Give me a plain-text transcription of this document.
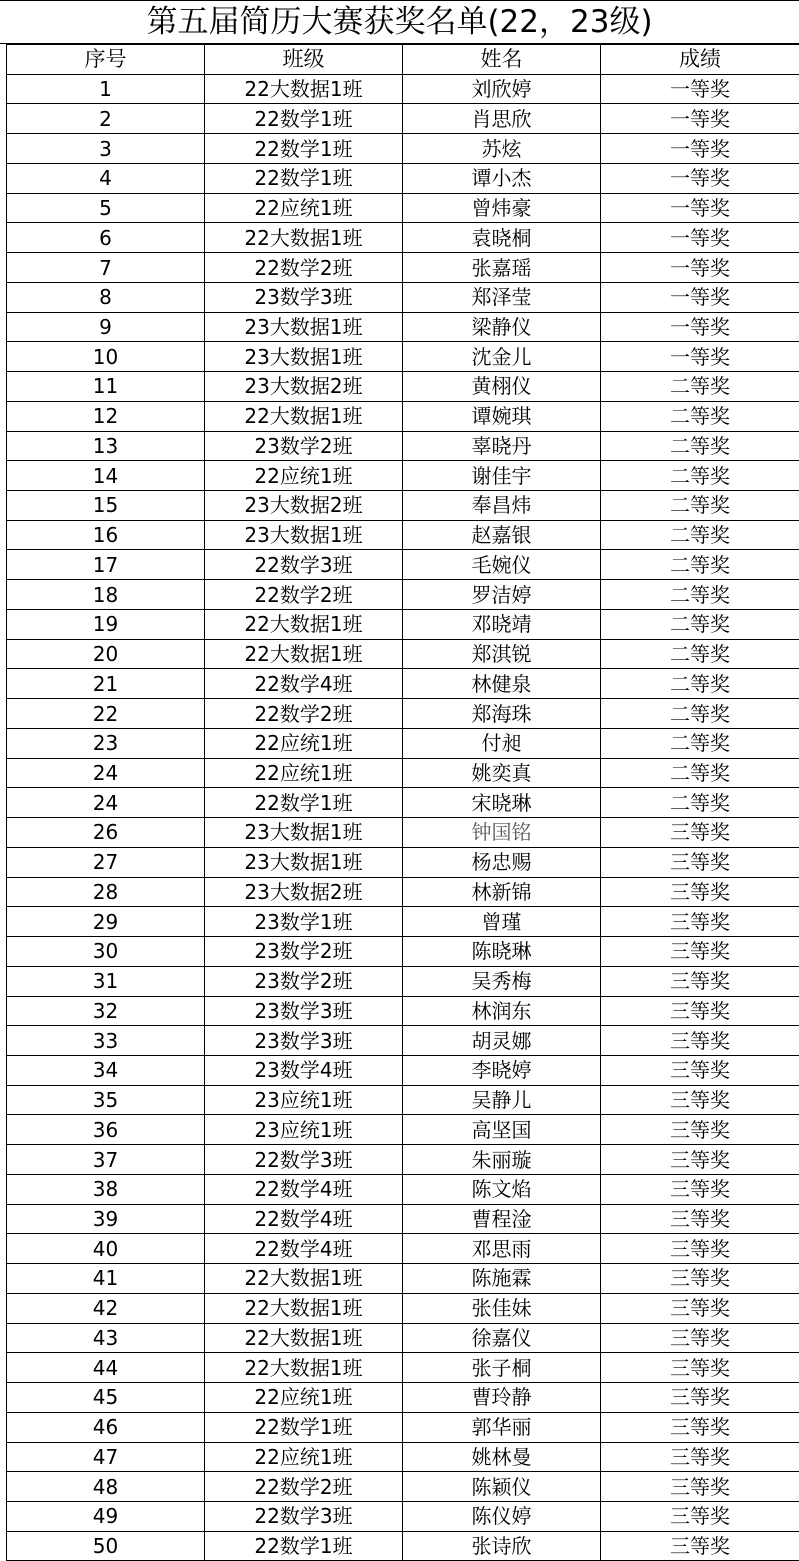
第五届简历大赛获奖名单(22，23级)
序号	班级	姓名	成绩
1	22大数据1班	刘欣婷	一等奖
2	22数学1班	肖思欣	一等奖
3	22数学1班	苏炫	一等奖
4	22数学1班	谭小杰	一等奖
5	22应统1班	曾炜豪	一等奖
6	22大数据1班	袁晓桐	一等奖
7	22数学2班	张嘉瑶	一等奖
8	23数学3班	郑泽莹	一等奖
9	23大数据1班	梁静仪	一等奖
10	23大数据1班	沈金儿	一等奖
11	23大数据2班	黄栩仪	二等奖
12	22大数据1班	谭婉琪	二等奖
13	23数学2班	辜晓丹	二等奖
14	22应统1班	谢佳宇	二等奖
15	23大数据2班	奉昌炜	二等奖
16	23大数据1班	赵嘉银	二等奖
17	22数学3班	毛婉仪	二等奖
18	22数学2班	罗洁婷	二等奖
19	22大数据1班	邓晓靖	二等奖
20	22大数据1班	郑淇锐	二等奖
21	22数学4班	林健泉	二等奖
22	22数学2班	郑海珠	二等奖
23	22应统1班	付昶	二等奖
24	22应统1班	姚奕真	二等奖
24	22数学1班	宋晓琳	二等奖
26	23大数据1班	钟国铭	三等奖
27	23大数据1班	杨忠赐	三等奖
28	23大数据2班	林新锦	三等奖
29	23数学1班	曾瑾	三等奖
30	23数学2班	陈晓琳	三等奖
31	23数学2班	吴秀梅	三等奖
32	23数学3班	林润东	三等奖
33	23数学3班	胡灵娜	三等奖
34	23数学4班	李晓婷	三等奖
35	23应统1班	吴静儿	三等奖
36	23应统1班	高坚国	三等奖
37	22数学3班	朱丽璇	三等奖
38	22数学4班	陈文焰	三等奖
39	22数学4班	曹程淦	三等奖
40	22数学4班	邓思雨	三等奖
41	22大数据1班	陈施霖	三等奖
42	22大数据1班	张佳妹	三等奖
43	22大数据1班	徐嘉仪	三等奖
44	22大数据1班	张子桐	三等奖
45	22应统1班	曹玲静	三等奖
46	22数学1班	郭华丽	三等奖
47	22应统1班	姚林曼	三等奖
48	22数学2班	陈颖仪	三等奖
49	22数学3班	陈仪婷	三等奖
50	22数学1班	张诗欣	三等奖
